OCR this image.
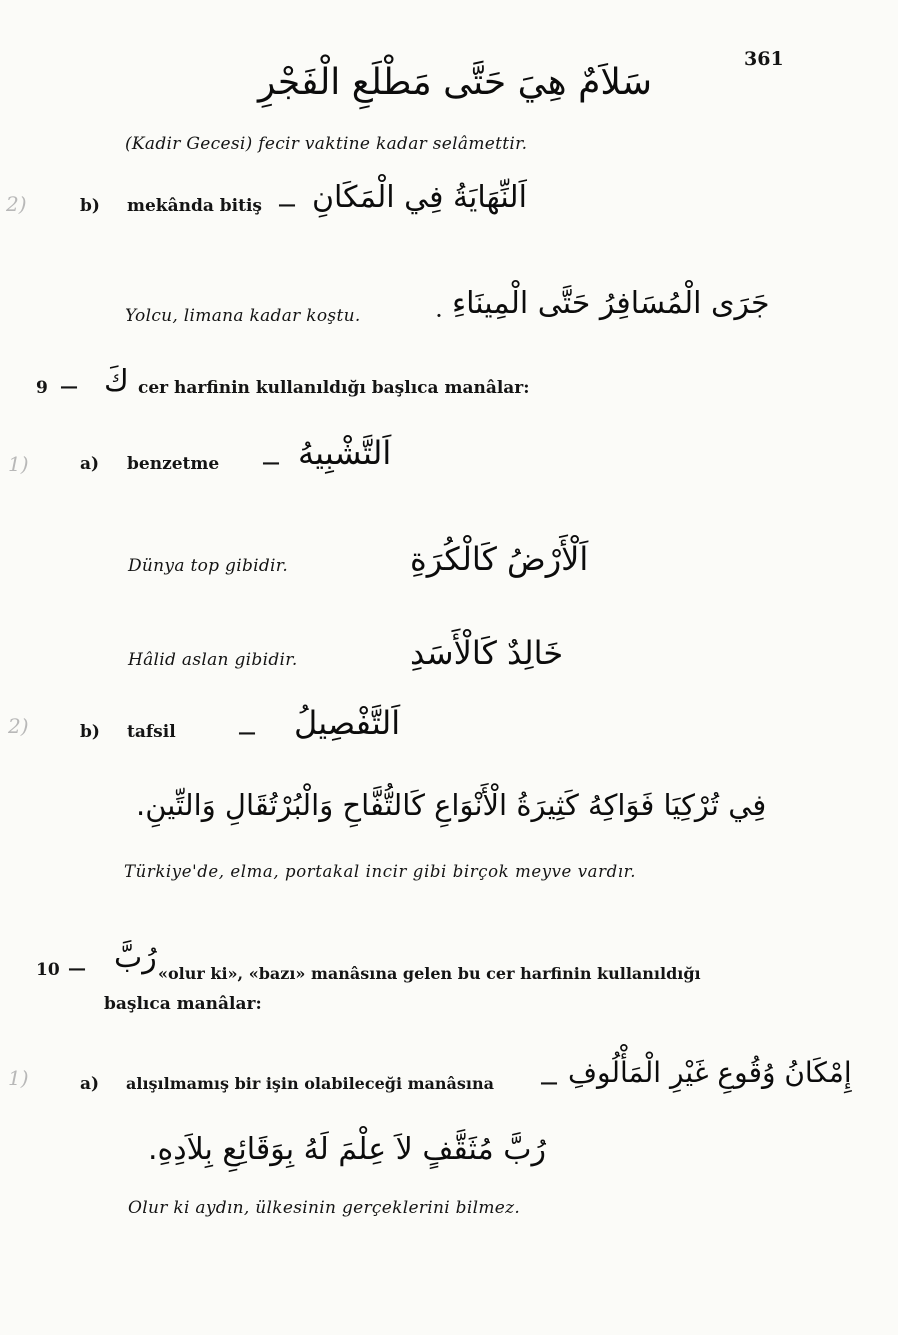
361
سَلاَمٌ هِيَ حَتَّى مَطْلَعِ الْفَجْرِ
(Kadir Gecesi) fecir vaktine kadar selâmettir.
2)
1)
2)
1)
b) mekânda bitiş — اَلنِّهَايَةُ فِي الْمَكَانِ
Yolcu, limana kadar koştu.	. جَرَى الْمُسَافِرُ حَتَّى الْمِينَاءِ
9 — كَ cer harfinin kullanıldığı başlıca manâlar:
a) benzetme — اَلتَّشْبِيهُ
Dünya top gibidir.	اَلْأَرْضُ كَالْكُرَةِ
Hâlid aslan gibidir.	خَالِدٌ كَالْأَسَدِ
b) tafsil	— اَلتَّفْصِيلُ
فِي تُرْكِيَا فَوَاكِهُ كَثِيرَةُ الْأَنْوَاعِ كَالتُّفَّاحِ وَالْبُرْتُقَالِ وَالتِّينِ.
Türkiye'de, elma, portakal incir gibi birçok meyve vardır.
10 — رُبَّ «olur ki», «bazı» manâsına gelen bu cer harfinin kullanıldığı
başlıca manâlar:
a) alışılmamış bir işin olabileceği manâsına	— إِمْكَانُ وُقُوعِ غَيْرِ الْمَأْلُوفِ
رُبَّ مُثَقَّفٍ لاَ عِلْمَ لَهُ بِوَقَائِعِ بِلاَدِهِ.
Olur ki aydın, ülkesinin gerçeklerini bilmez.
